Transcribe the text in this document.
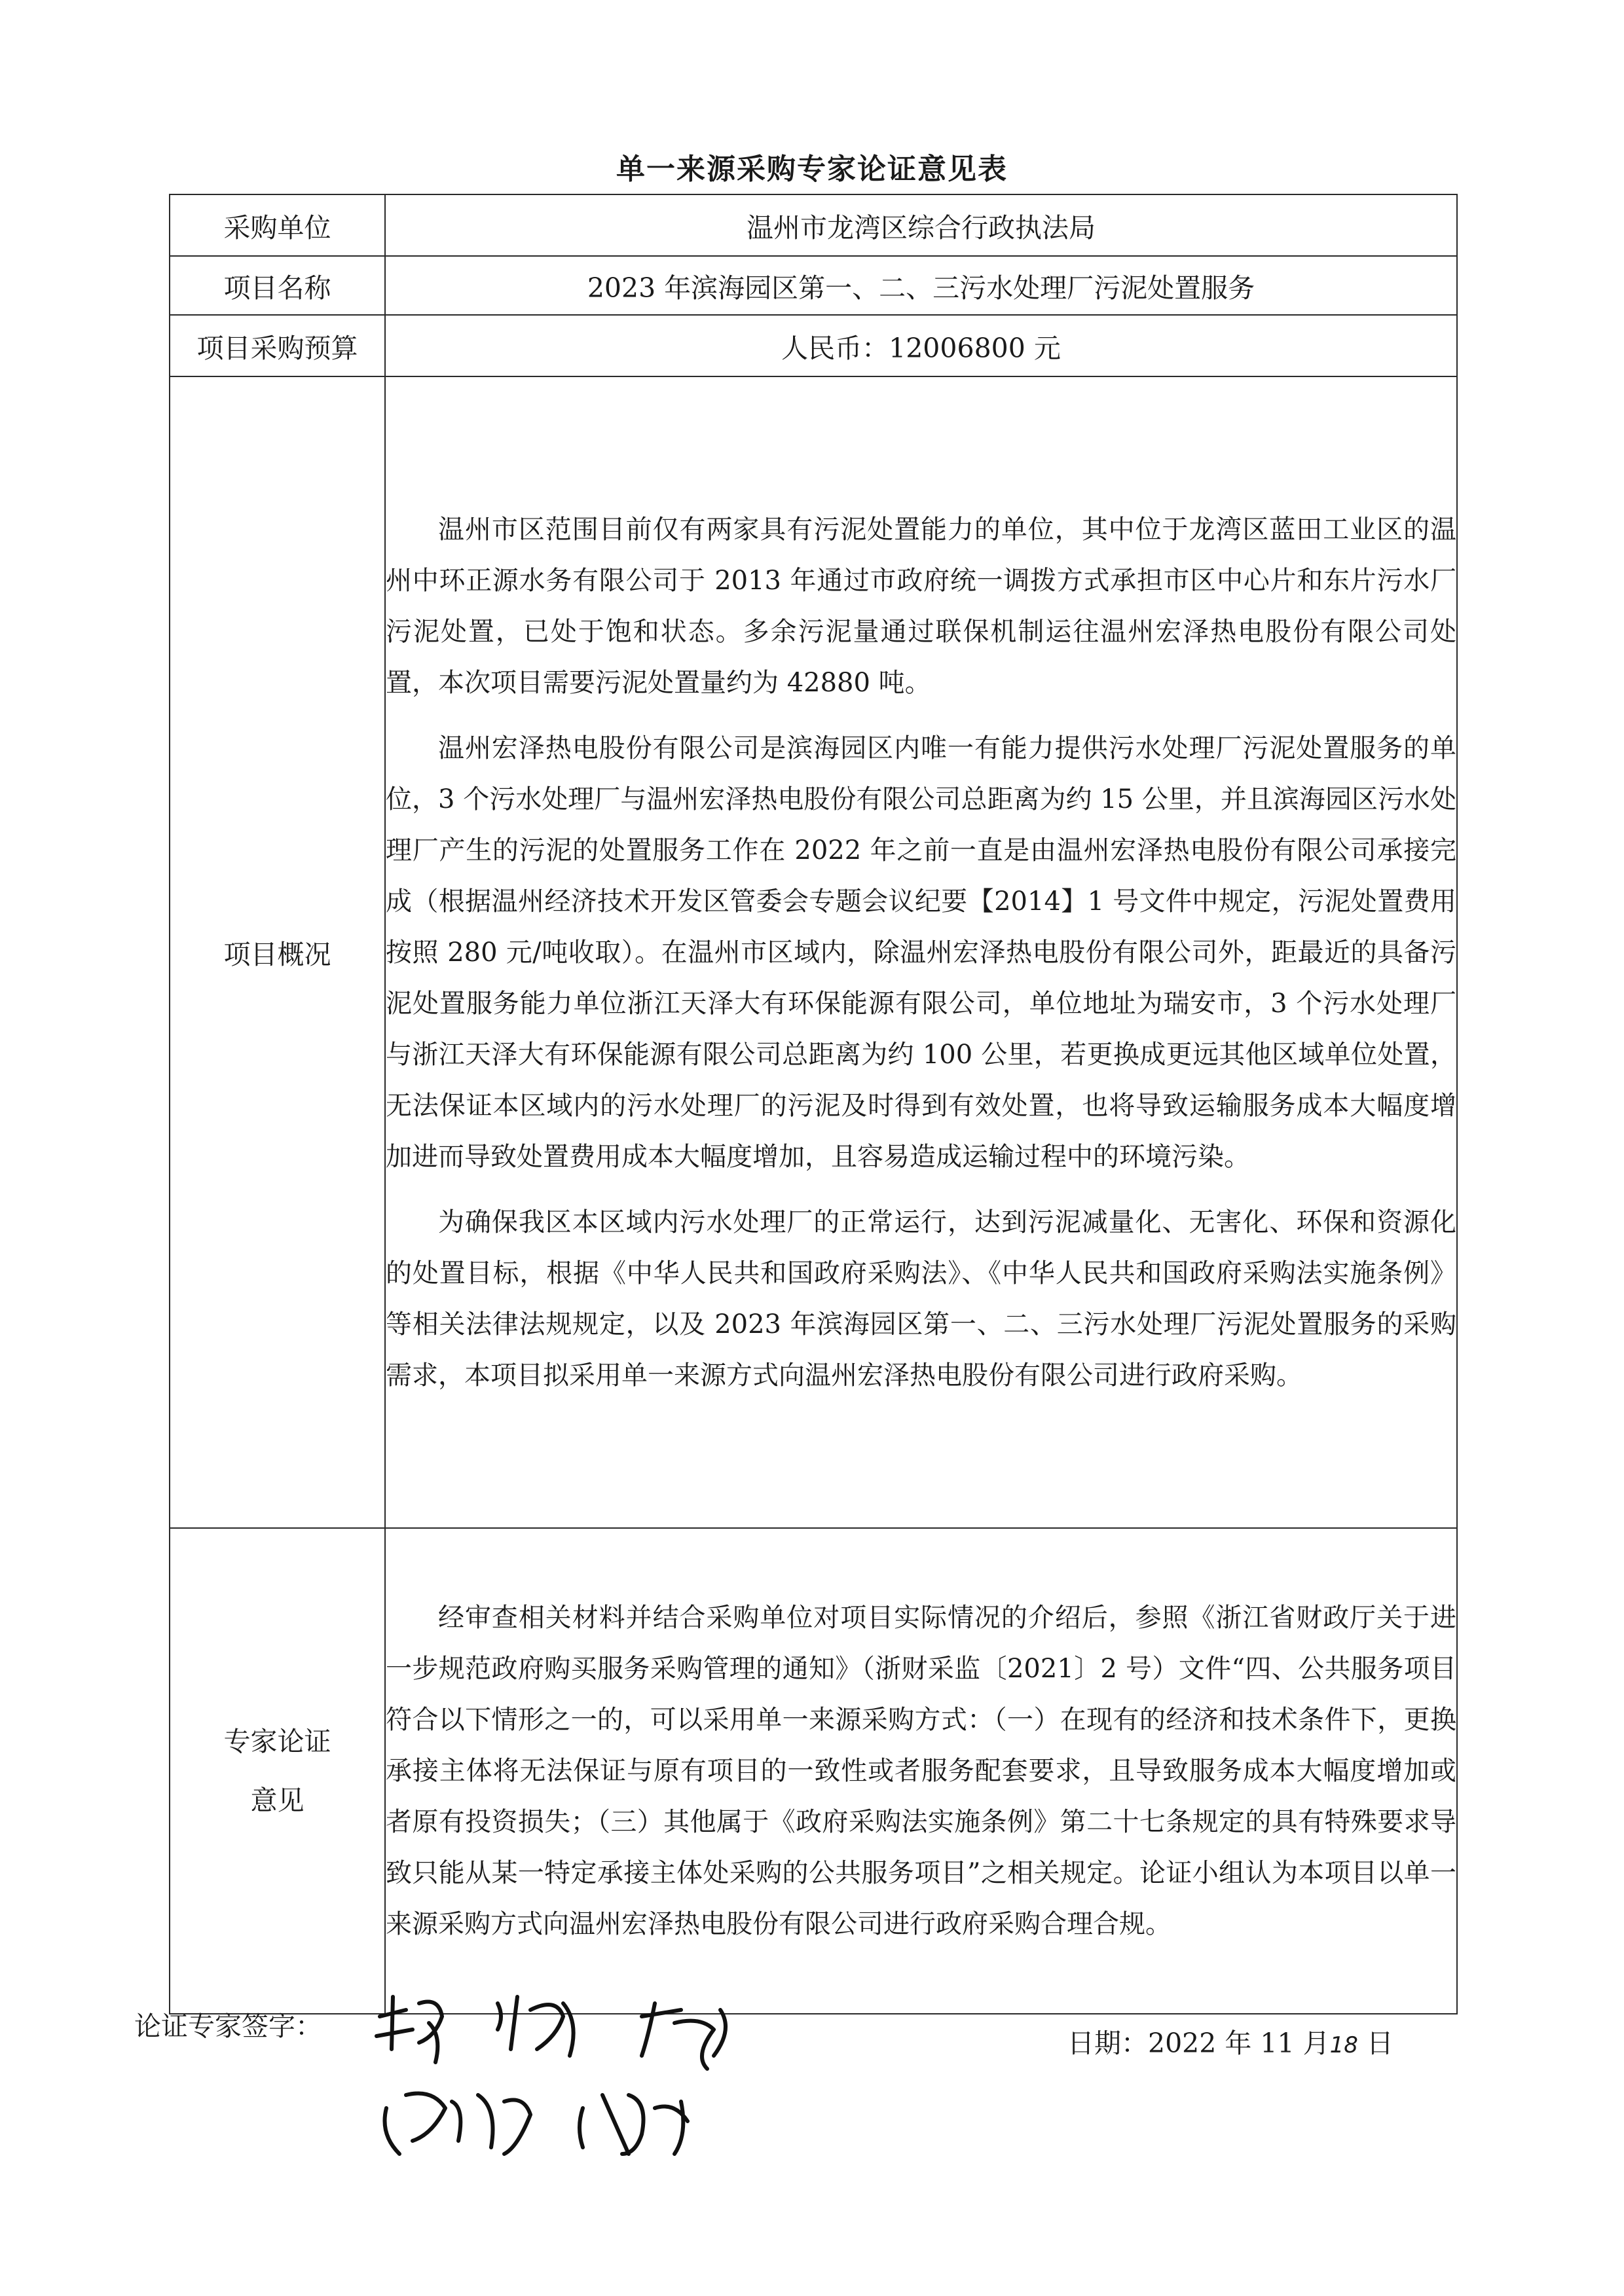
单一来源采购专家论证意见表
采购单位	温州市龙湾区综合行政执法局
项目名称	2023 年滨海园区第一、二、三污水处理厂污泥处置服务
项目采购预算	人民币：12006800 元
项目概况	温州市区范围目前仅有两家具有污泥处置能力的单位，其中位于龙湾区蓝田工业区的温州中环正源水务有限公司于 2013 年通过市政府统一调拨方式承担市区中心片和东片污水厂污泥处置，已处于饱和状态。多余污泥量通过联保机制运往温州宏泽热电股份有限公司处置，本次项目需要污泥处置量约为 42880 吨。

温州宏泽热电股份有限公司是滨海园区内唯一有能力提供污水处理厂污泥处置服务的单位，3 个污水处理厂与温州宏泽热电股份有限公司总距离为约 15 公里，并且滨海园区污水处理厂产生的污泥的处置服务工作在 2022 年之前一直是由温州宏泽热电股份有限公司承接完成（根据温州经济技术开发区管委会专题会议纪要【2014】1 号文件中规定，污泥处置费用按照 280 元/吨收取）。在温州市区域内，除温州宏泽热电股份有限公司外，距最近的具备污泥处置服务能力单位浙江天泽大有环保能源有限公司，单位地址为瑞安市，3 个污水处理厂与浙江天泽大有环保能源有限公司总距离为约 100 公里，若更换成更远其他区域单位处置，无法保证本区域内的污水处理厂的污泥及时得到有效处置，也将导致运输服务成本大幅度增加进而导致处置费用成本大幅度增加，且容易造成运输过程中的环境污染。

为确保我区本区域内污水处理厂的正常运行，达到污泥减量化、无害化、环保和资源化的处置目标，根据《中华人民共和国政府采购法》、《中华人民共和国政府采购法实施条例》等相关法律法规规定，以及 2023 年滨海园区第一、二、三污水处理厂污泥处置服务的采购需求，本项目拟采用单一来源方式向温州宏泽热电股份有限公司进行政府采购。

专家论证
意见	经审查相关材料并结合采购单位对项目实际情况的介绍后，参照《浙江省财政厅关于进一步规范政府购买服务采购管理的通知》（浙财采监〔2021〕2 号）文件“四、公共服务项目符合以下情形之一的，可以采用单一来源采购方式：（一）在现有的经济和技术条件下，更换承接主体将无法保证与原有项目的一致性或者服务配套要求，且导致服务成本大幅度增加或者原有投资损失；（三）其他属于《政府采购法实施条例》第二十七条规定的具有特殊要求导致只能从某一特定承接主体处采购的公共服务项目”之相关规定。论证小组认为本项目以单一来源采购方式向温州宏泽热电股份有限公司进行政府采购合理合规。

论证专家签字：
日期：2022 年 11 月18 日
